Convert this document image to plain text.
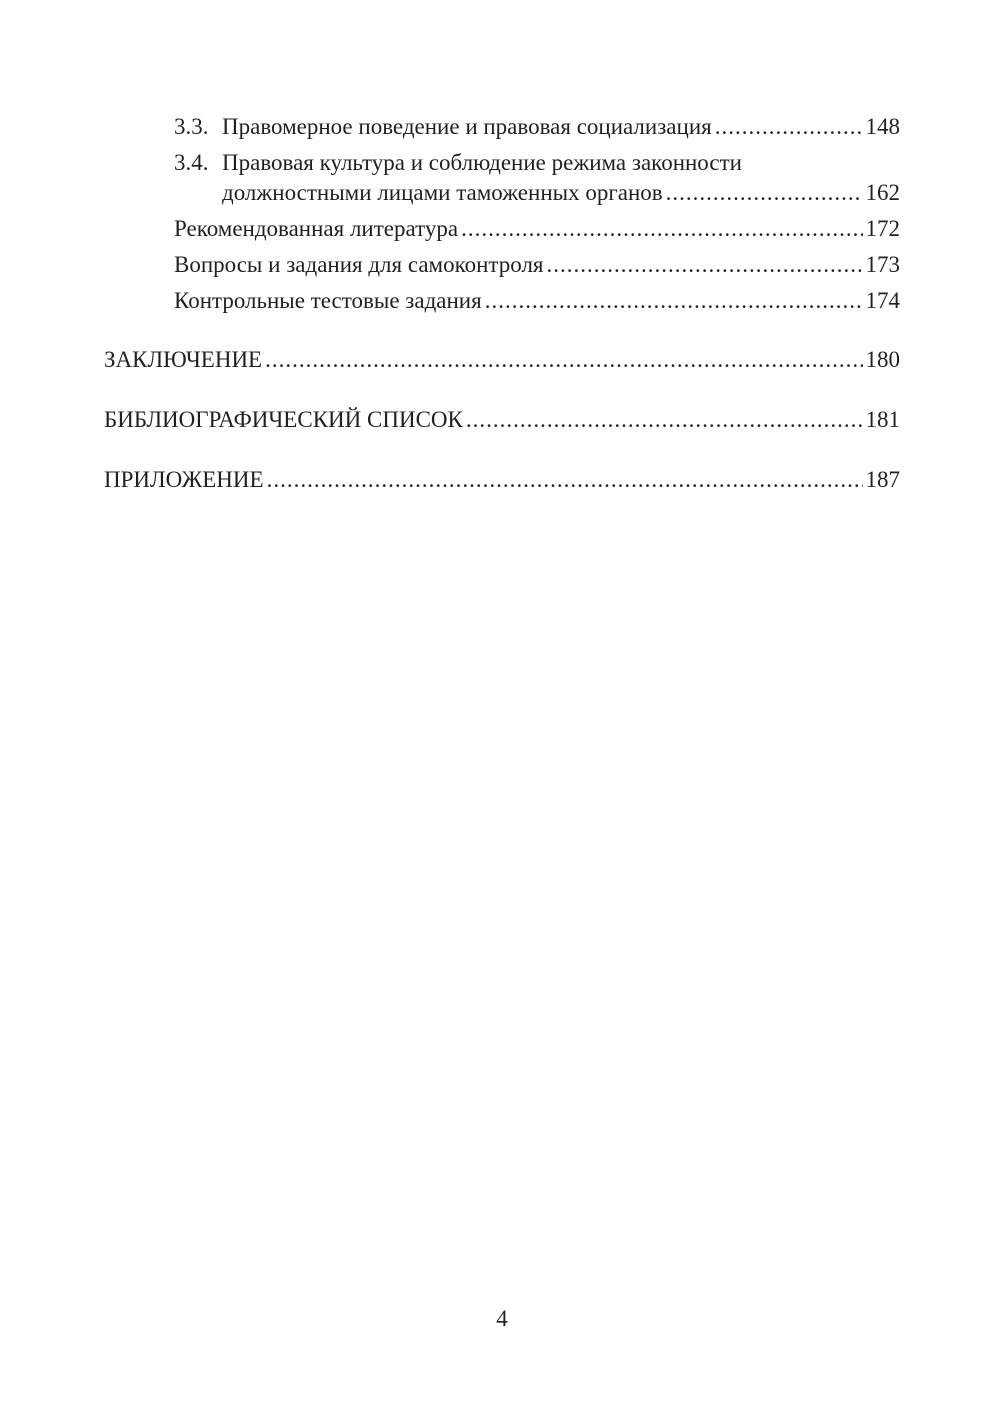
3.3. Правомерное поведение и правовая социализация .....	148
3.4. Правовая культура и соблюдение режима законности
должностными лицами таможенных органов .....	162
Рекомендованная литература .....	172
Вопросы и задания для самоконтроля .....	173
Контрольные тестовые задания .....	174
ЗАКЛЮЧЕНИЕ .....	180
БИБЛИОГРАФИЧЕСКИЙ СПИСОК .....	181
ПРИЛОЖЕНИЕ .....	187
4
